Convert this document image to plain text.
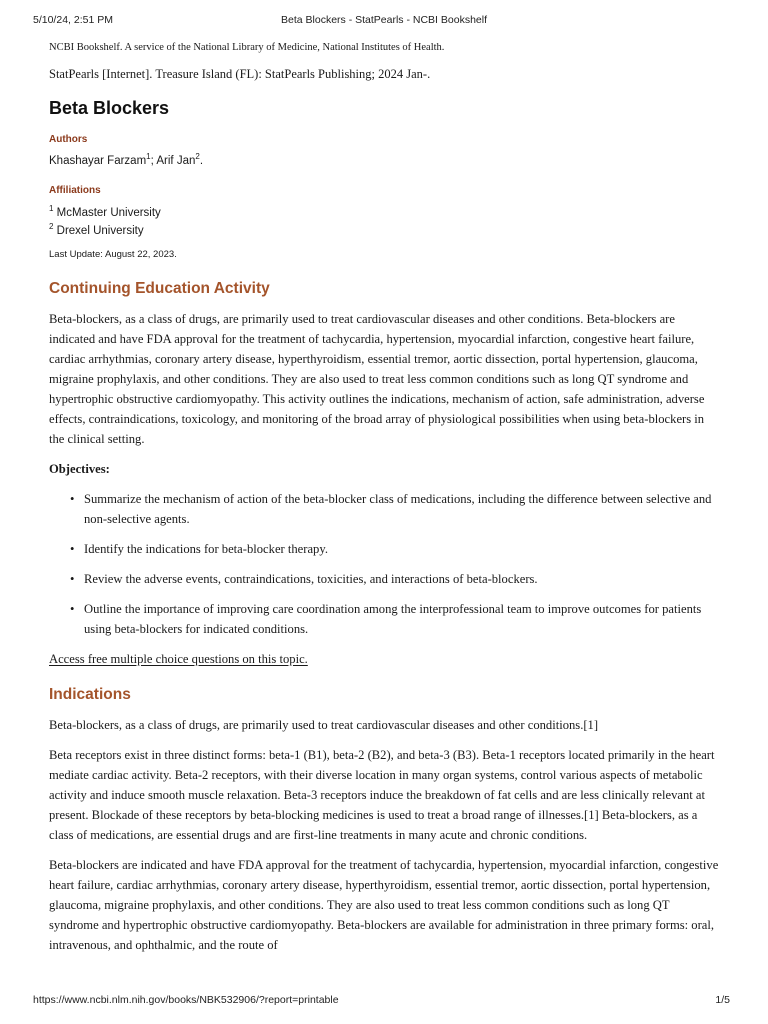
5/10/24, 2:51 PM	Beta Blockers - StatPearls - NCBI Bookshelf

NCBI Bookshelf. A service of the National Library of Medicine, National Institutes of Health.

StatPearls [Internet]. Treasure Island (FL): StatPearls Publishing; 2024 Jan-.

Beta Blockers
Authors

Khashayar Farzam$^1$; Arif Jan$^2$.

Affiliations

$^1$ McMaster University

$^2$ Drexel University

Last Update: August 22, 2023.

Continuing Education Activity

Beta-blockers, as a class of drugs, are primarily used to treat cardiovascular diseases and other conditions. Beta-blockers are indicated and have FDA approval for the treatment of tachycardia, hypertension, myocardial infarction, congestive heart failure, cardiac arrhythmias, coronary artery disease, hyperthyroidism, essential tremor, aortic dissection, portal hypertension, glaucoma, migraine prophylaxis, and other conditions. They are also used to treat less common conditions such as long QT syndrome and hypertrophic obstructive cardiomyopathy. This activity outlines the indications, mechanism of action, safe administration, adverse effects, contraindications, toxicology, and monitoring of the broad array of physiological possibilities when using beta-blockers in the clinical setting.

Objectives:

• Summarize the mechanism of action of the beta-blocker class of medications, including the difference between selective and non-selective agents.
• Identify the indications for beta-blocker therapy.
• Review the adverse events, contraindications, toxicities, and interactions of beta-blockers.
• Outline the importance of improving care coordination among the interprofessional team to improve outcomes for patients using beta-blockers for indicated conditions.
Access free multiple choice questions on this topic.
Indications

Beta-blockers, as a class of drugs, are primarily used to treat cardiovascular diseases and other conditions.[1]

Beta receptors exist in three distinct forms: beta-1 (B1), beta-2 (B2), and beta-3 (B3). Beta-1 receptors located primarily in the heart mediate cardiac activity. Beta-2 receptors, with their diverse location in many organ systems, control various aspects of metabolic activity and induce smooth muscle relaxation. Beta-3 receptors induce the breakdown of fat cells and are less clinically relevant at present. Blockade of these receptors by beta-blocking medicines is used to treat a broad range of illnesses.[1] Beta-blockers, as a class of medications, are essential drugs and are first-line treatments in many acute and chronic conditions.

Beta-blockers are indicated and have FDA approval for the treatment of tachycardia, hypertension, myocardial infarction, congestive heart failure, cardiac arrhythmias, coronary artery disease, hyperthyroidism, essential tremor, aortic dissection, portal hypertension, glaucoma, migraine prophylaxis, and other conditions. They are also used to treat less common conditions such as long QT syndrome and hypertrophic obstructive cardiomyopathy. Beta-blockers are available for administration in three primary forms: oral, intravenous, and ophthalmic, and the route of

https://www.ncbi.nlm.nih.gov/books/NBK532906/?report=printable	1/5
